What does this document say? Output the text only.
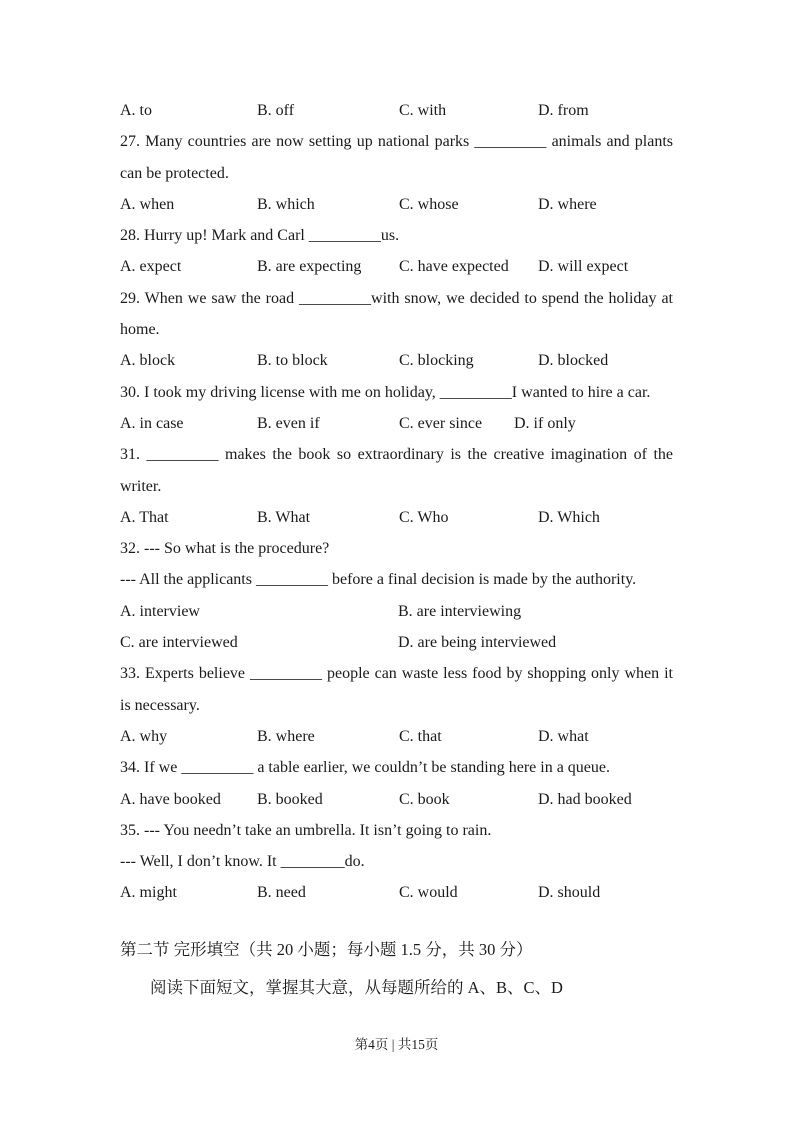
A. to	B. off	C. with	D. from
27. Many countries are now setting up national parks _________ animals and plants
can be protected.
A. when	B. which	C. whose	D. where
28. Hurry up! Mark and Carl _________us.
A. expect	B. are expecting	C. have expected	D. will expect
29. When we saw the road _________with snow, we decided to spend the holiday at
home.
A. block	B. to block	C. blocking	D. blocked
30. I took my driving license with me on holiday, _________I wanted to hire a car.
A. in case	B. even if	C. ever since	D. if only
31. _________ makes the book so extraordinary is the creative imagination of the
writer.
A. That	B. What	C. Who	D. Which
32. --- So what is the procedure?
--- All the applicants _________ before a final decision is made by the authority.
A. interview	B. are interviewing
C. are interviewed	D. are being interviewed
33. Experts believe _________ people can waste less food by shopping only when it
is necessary.
A. why	B. where	C. that	D. what
34. If we _________ a table earlier, we couldn’t be standing here in a queue.
A. have booked	B. booked	C. book	D. had booked
35. --- You needn’t take an umbrella. It isn’t going to rain.
--- Well, I don’t know. It ________do.
A. might	B. need	C. would	D. should
第二节 完形填空（共 20 小题；每小题 1.5 分，共 30 分）
阅读下面短文，掌握其大意，从每题所给的 A、B、C、D
第4页 | 共15页
